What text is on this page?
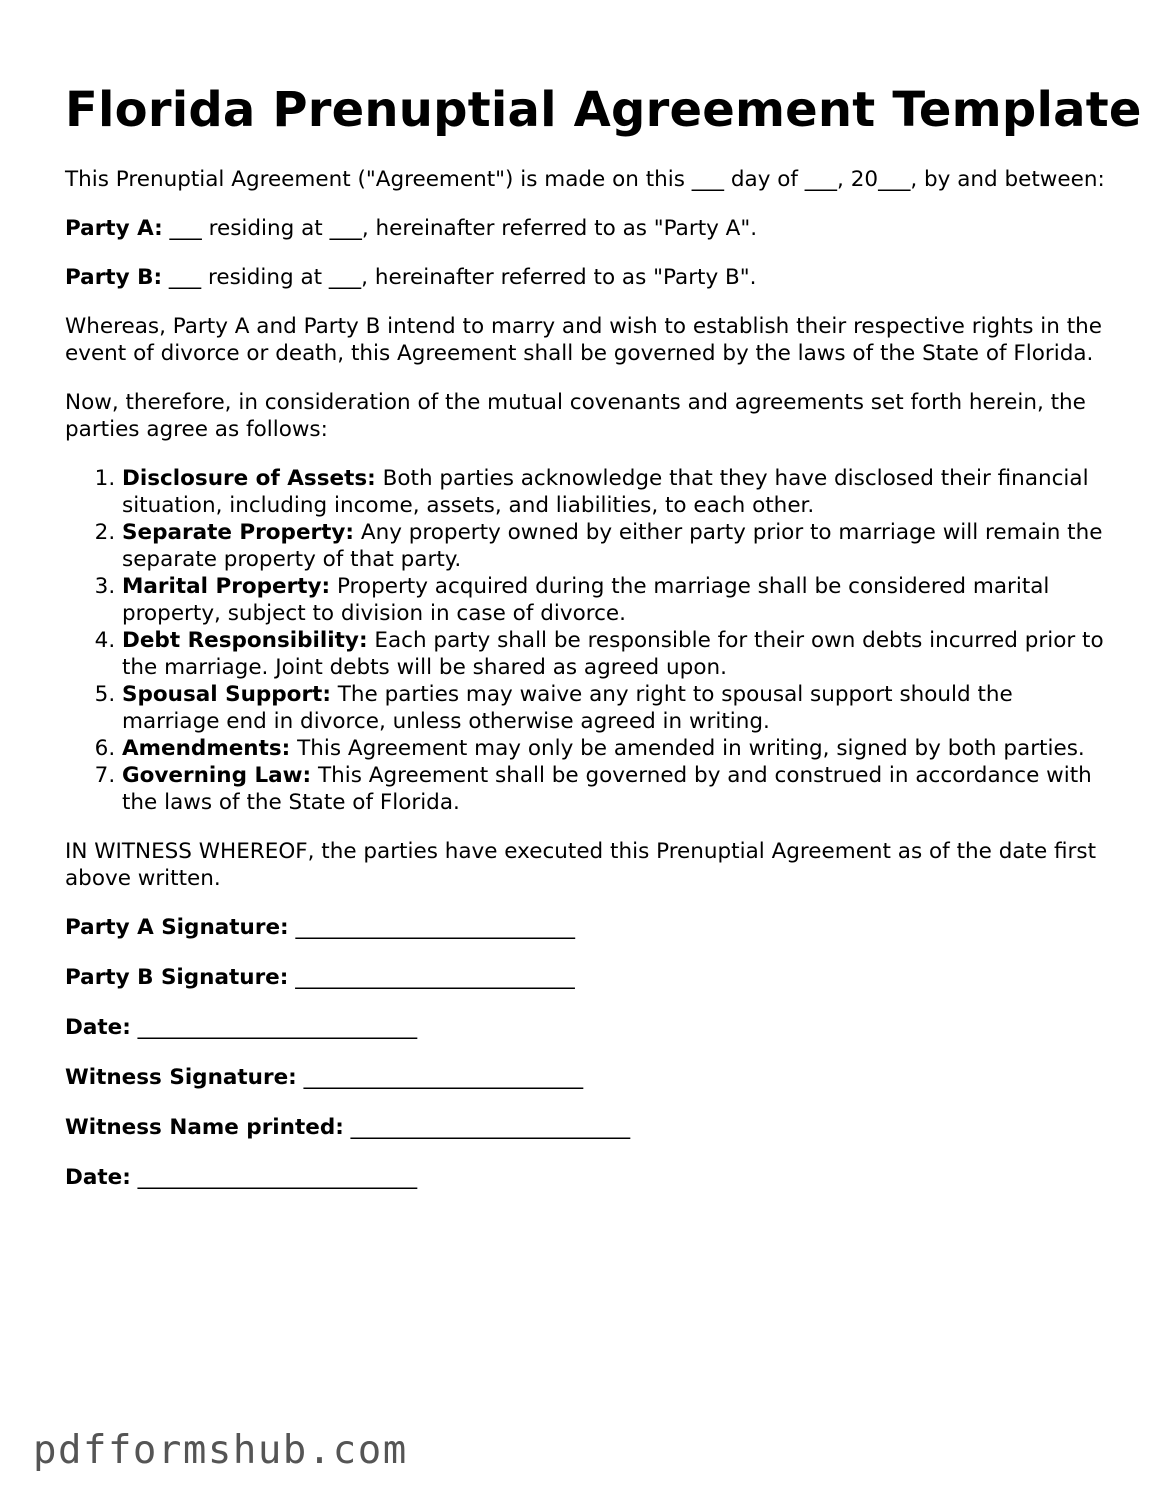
Florida Prenuptial Agreement Template

This Prenuptial Agreement ("Agreement") is made on this ___ day of ___, 20___, by and between:

Party A: ___ residing at ___, hereinafter referred to as "Party A".

Party B: ___ residing at ___, hereinafter referred to as "Party B".

Whereas, Party A and Party B intend to marry and wish to establish their respective rights in the event of divorce or death, this Agreement shall be governed by the laws of the State of Florida.

Now, therefore, in consideration of the mutual covenants and agreements set forth herein, the parties agree as follows:

1. Disclosure of Assets: Both parties acknowledge that they have disclosed their financial situation, including income, assets, and liabilities, to each other.
2. Separate Property: Any property owned by either party prior to marriage will remain the separate property of that party.
3. Marital Property: Property acquired during the marriage shall be considered marital property, subject to division in case of divorce.
4. Debt Responsibility: Each party shall be responsible for their own debts incurred prior to the marriage. Joint debts will be shared as agreed upon.
5. Spousal Support: The parties may waive any right to spousal support should the marriage end in divorce, unless otherwise agreed in writing.
6. Amendments: This Agreement may only be amended in writing, signed by both parties.
7. Governing Law: This Agreement shall be governed by and construed in accordance with the laws of the State of Florida.

IN WITNESS WHEREOF, the parties have executed this Prenuptial Agreement as of the date first above written.

Party A Signature: __________________________
Party B Signature: __________________________
Date: __________________________
Witness Signature: __________________________
Witness Name printed: __________________________
Date: __________________________
pdfformshub.com
